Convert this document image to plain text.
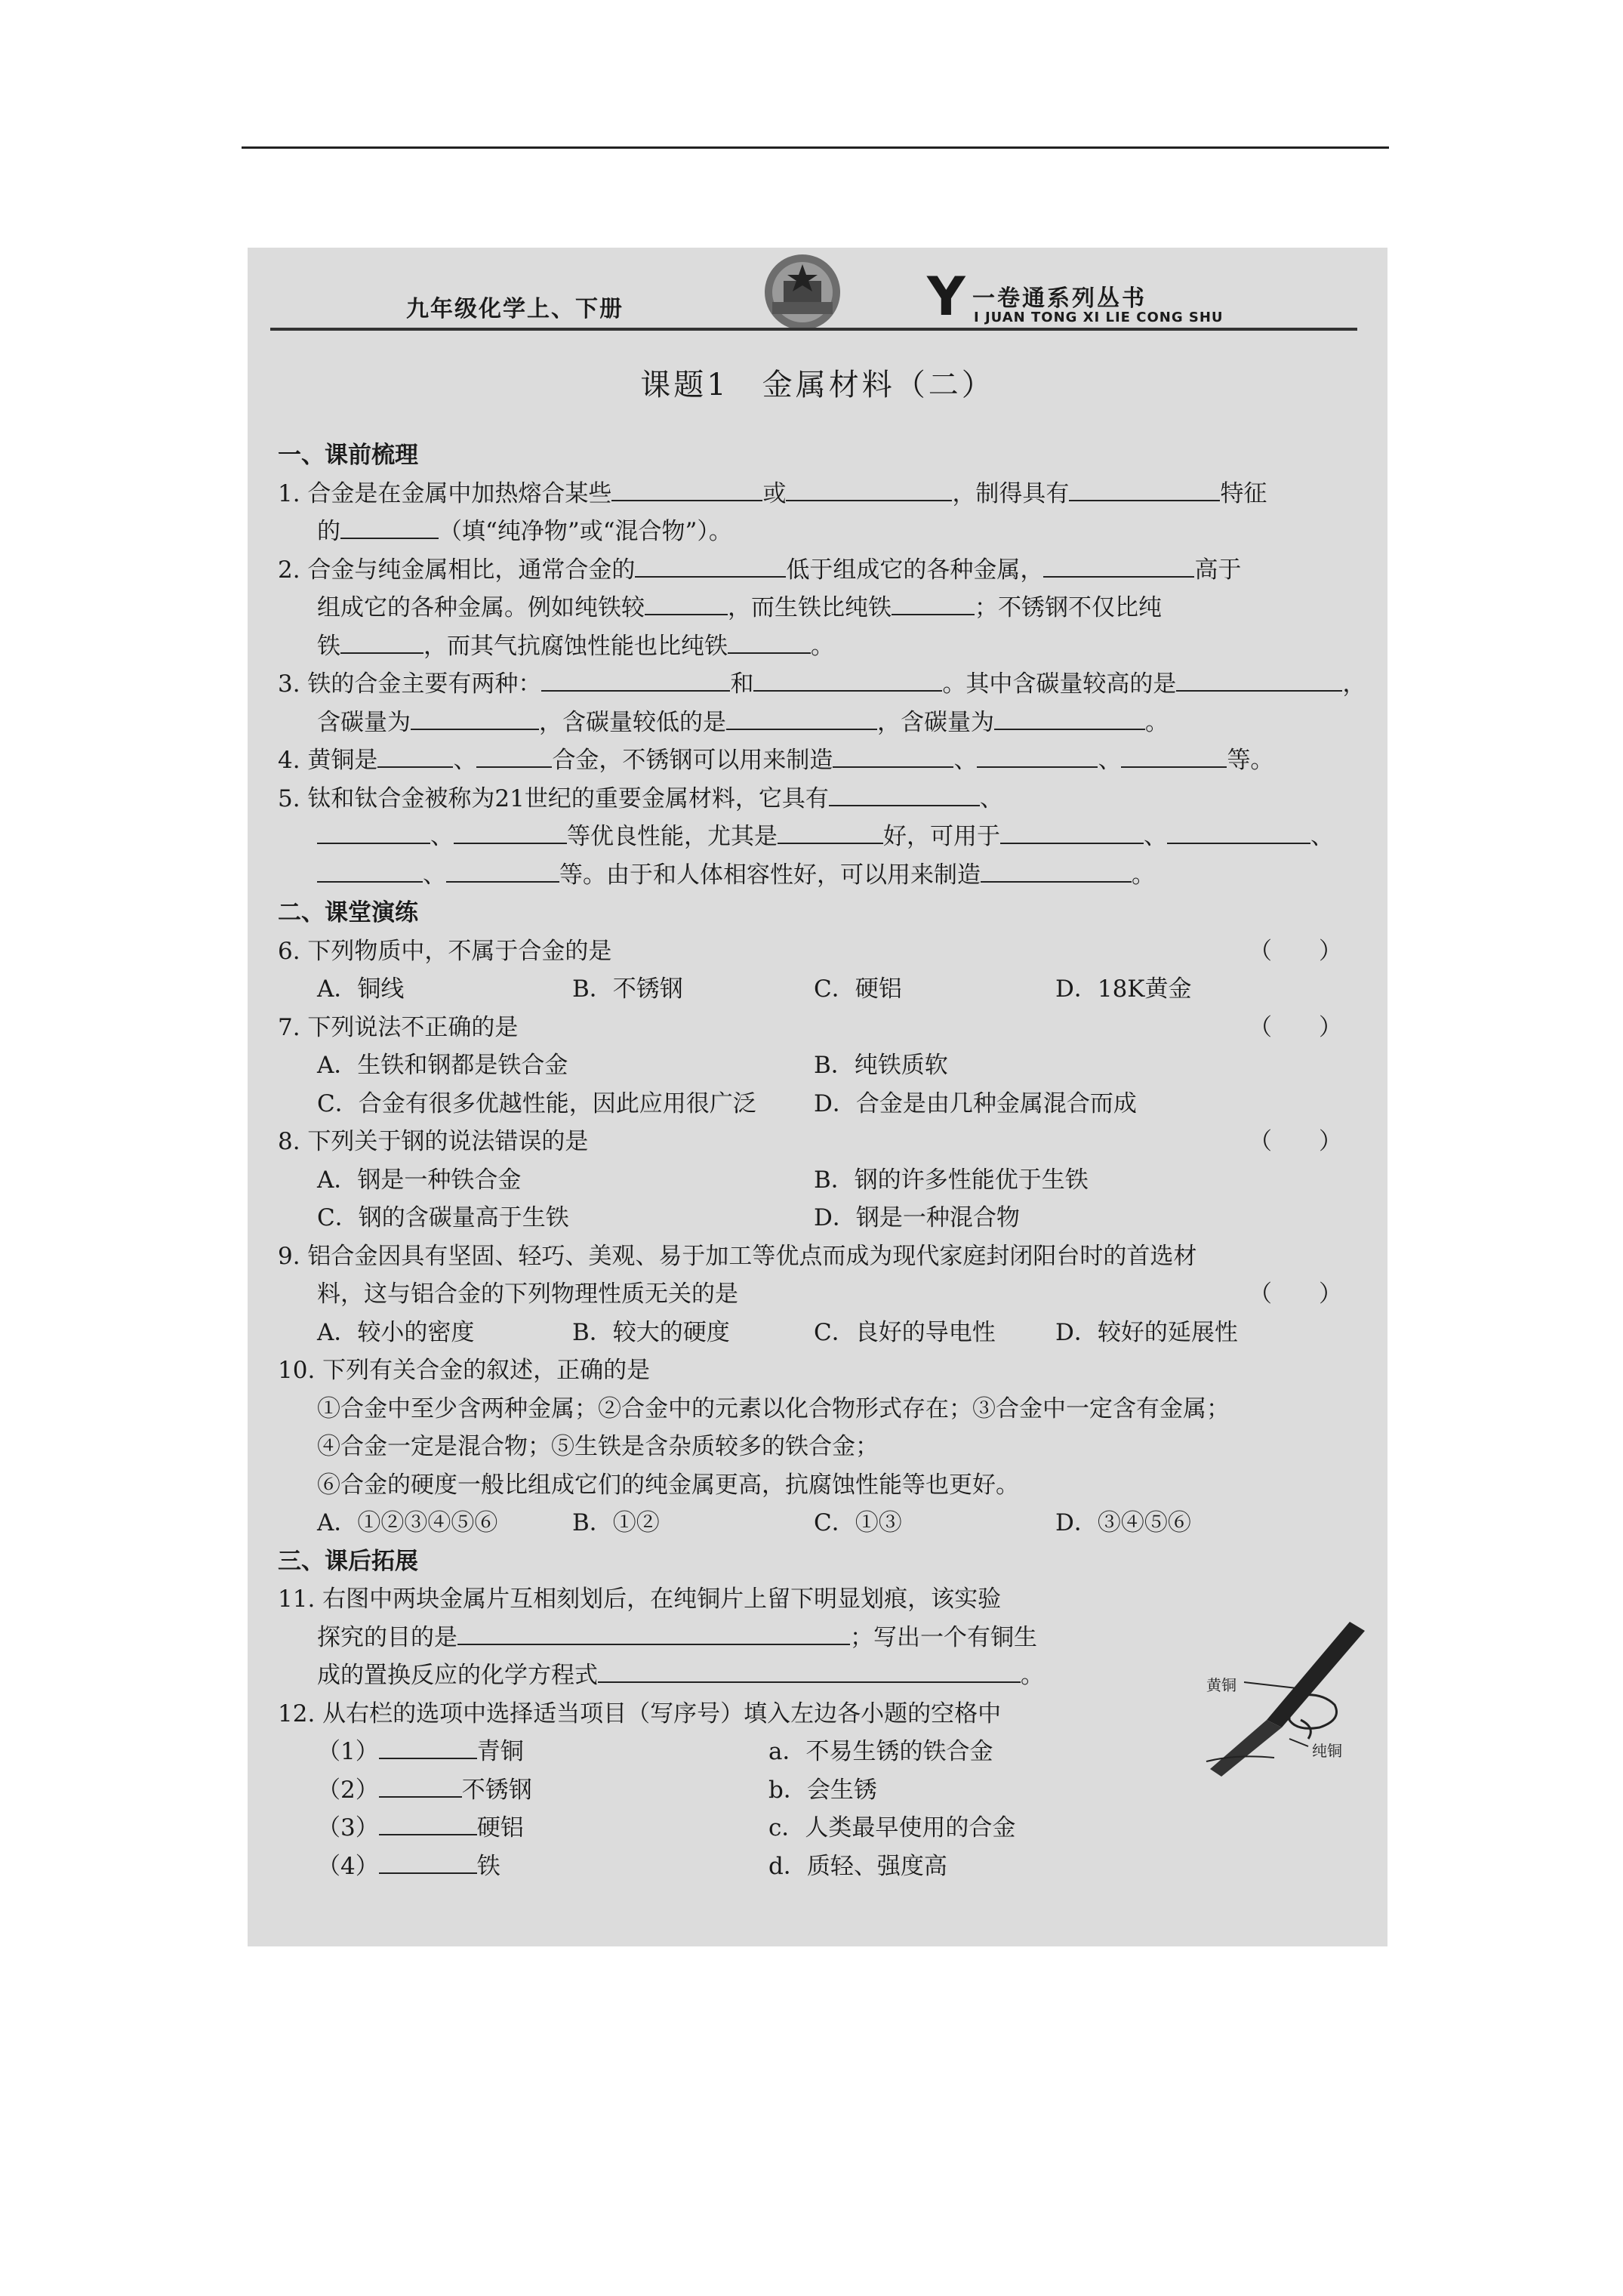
九年级化学上、下册	Y 一卷通系列丛书
I JUAN TONG XI LIE CONG SHU
课题1　金属材料（二）
一、课前梳理
1. 合金是在金属中加热熔合某些	或	，制得具有	特征
的	（填“纯净物”或“混合物”）。
2. 合金与纯金属相比，通常合金的	低于组成它的各种金属，	高于
组成它的各种金属。例如纯铁较	，而生铁比纯铁	；不锈钢不仅比纯
铁	，而其气抗腐蚀性能也比纯铁	。
3. 铁的合金主要有两种：	和	。其中含碳量较高的是	，
含碳量为	，含碳量较低的是	，含碳量为	。
4. 黄铜是	、	合金，不锈钢可以用来制造	、	、	等。
5. 钛和钛合金被称为21世纪的重要金属材料，它具有	、
、	等优良性能，尤其是	好，可用于	、	、
、	等。由于和人体相容性好，可以用来制造	。
二、课堂演练
6. 下列物质中，不属于合金的是	（　　）
A．铜线	B．不锈钢	C．硬铝	D．18K黄金
7. 下列说法不正确的是	（　　）
A．生铁和钢都是铁合金	B．纯铁质软
C．合金有很多优越性能，因此应用很广泛 D．合金是由几种金属混合而成
8. 下列关于钢的说法错误的是	（　　）
A．钢是一种铁合金	B．钢的许多性能优于生铁
C．钢的含碳量高于生铁	D．钢是一种混合物
9. 铝合金因具有坚固、轻巧、美观、易于加工等优点而成为现代家庭封闭阳台时的首选材
料，这与铝合金的下列物理性质无关的是	（　　）
A．较小的密度	B．较大的硬度	C．良好的导电性	D．较好的延展性
10. 下列有关合金的叙述，正确的是
①合金中至少含两种金属；②合金中的元素以化合物形式存在；③合金中一定含有金属；
④合金一定是混合物；⑤生铁是含杂质较多的铁合金；
⑥合金的硬度一般比组成它们的纯金属更高，抗腐蚀性能等也更好。
A．①②③④⑤⑥	B．①②	C．①③	D．③④⑤⑥
三、课后拓展
11. 右图中两块金属片互相刻划后，在纯铜片上留下明显划痕，该实验
探究的目的是	；写出一个有铜生
成的置换反应的化学方程式	。
12. 从右栏的选项中选择适当项目（写序号）填入左边各小题的空格中
（1）	青铜	a．不易生锈的铁合金
（2）	不锈钢	b．会生锈
（3）	硬铝	c．人类最早使用的合金
（4）	铁	d．质轻、强度高
黄铜
纯铜
